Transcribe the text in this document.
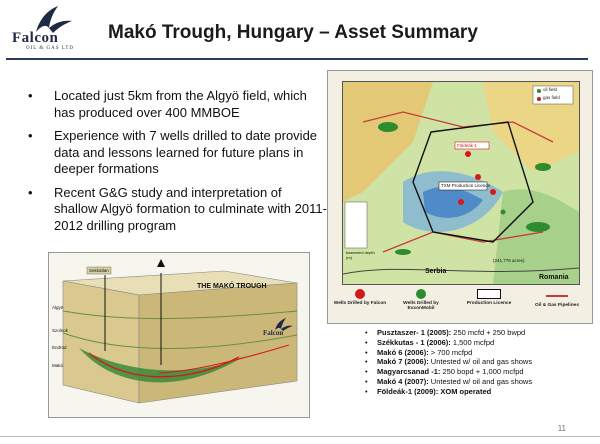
Falcon
OIL & GAS LTD
Makó Trough, Hungary – Asset Summary
• Located just 5km from the Algyö field, which has produced over 400 MMBOE
• Experience with 7 wells drilled to date provide data and lessons learned for future plans in deeper formations
• Recent G&G study and interpretation of shallow Algyö formation to culminate with 2011-2012 drilling program
oil field
gas field
Földeák-1
TXM Production Licence
basement depth (m)
(241,775 acres)
Serbia
Romania
Wells Drilled by Falcon	Wells Drilled by ExxonMobil
Production Licence	Oil & Gas Pipelines
THE MAKÓ TROUGH
Sekkatlan
Algyö
Szolnok
Endröd
Makó
Falcon
•	Pusztaszer- 1 (2005): 250 mcfd + 250 bwpd
• Székkutas - 1 (2006): 1,500 mcfpd
• Makó 6 (2006): > 700 mcfpd
• Makó 7 (2006): Untested w/ oil and gas shows
• Magyarcsanad -1: 250 bopd + 1,000 mcfpd
• Makó 4 (2007): Untested w/ oil and gas shows
• Földeák-1 (2009): XOM operated
11
